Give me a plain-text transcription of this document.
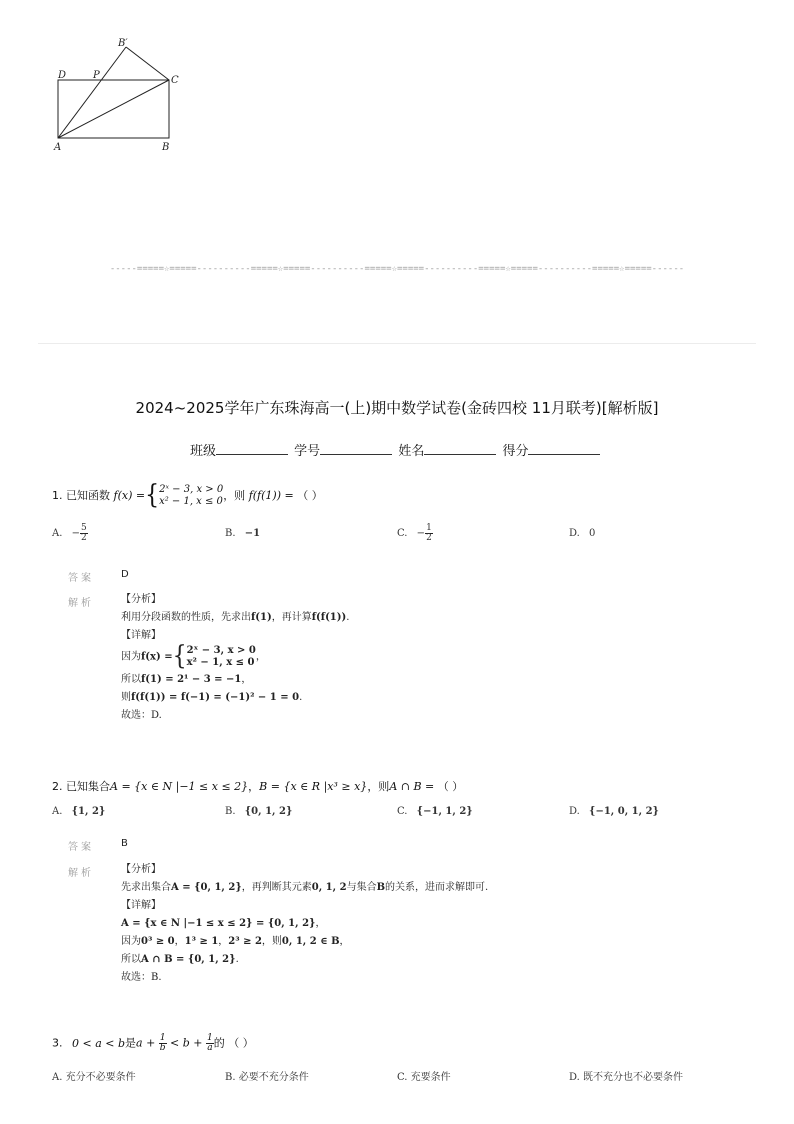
D	P	C
B′
A	B
-----=====☆=====----------=====☆=====----------=====☆=====----------=====☆=====----------=====☆=====------
2024~2025学年广东珠海高一(上)期中数学试卷(金砖四校 11月联考)[解析版]
班级	学号	姓名	得分
1. 已知函数 f(x) ={ 2ˣ − 3, x > 0
x² − 1, x ≤ 0 ，则 f(f(1)) = （ ）
A. − $\frac{5}{2}$	B. −1	C. − $\frac{1}{2}$	D. 0
答案	D
解析	【分析】
利用分段函数的性质，先求出f(1)，再计算f(f(1)).
【详解】
因为f(x) ={ 2ˣ − 3, x > 0
x² − 1, x ≤ 0 ，
所以f(1) = 2¹ − 3 = −1，
则f(f(1)) = f(−1) = (−1)² − 1 = 0.
故选：D.
2. 已知集合A = {x ∈ N |−1 ≤ x ≤ 2}，B = {x ∈ R |x³ ≥ x}，则A ∩ B = （ ）
A. {1, 2}	B. {0, 1, 2}	C. {−1, 1, 2}	D. {−1, 0, 1, 2}
答案	B
解析	【分析】
先求出集合A = {0, 1, 2}，再判断其元素0, 1, 2与集合B的关系，进而求解即可.
【详解】
A = {x ∈ N |−1 ≤ x ≤ 2} = {0, 1, 2}，
因为0³ ≥ 0，1³ ≥ 1，2³ ≥ 2，则0, 1, 2 ∈ B，
所以A ∩ B = {0, 1, 2}.
故选：B.
3. 0 < a < b是$a + \frac{1}{b} < b + \frac{1}{a}$ 的 （ ）
A. 充分不必要条件	B. 必要不充分条件	C. 充要条件	D. 既不充分也不必要条件
